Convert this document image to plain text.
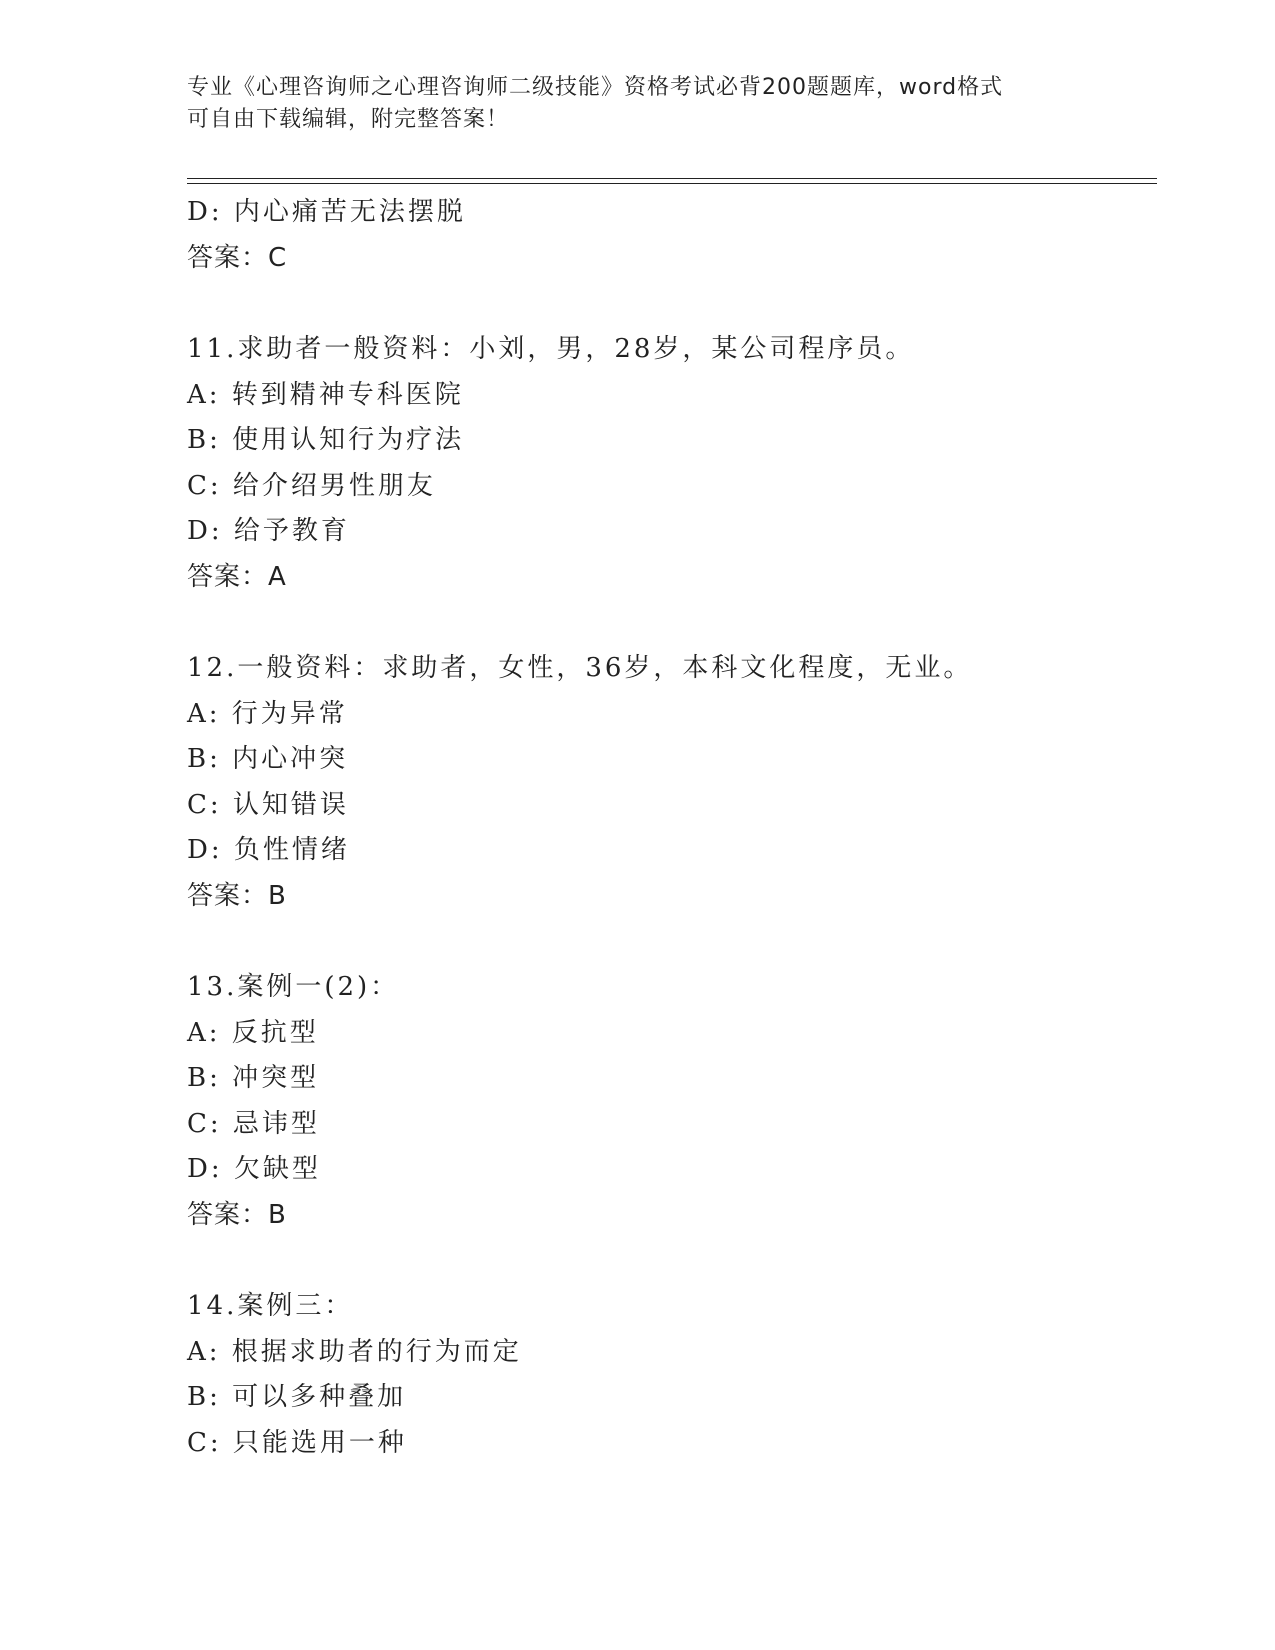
专业《心理咨询师之心理咨询师二级技能》资格考试必背200题题库，word格式
可自由下载编辑，附完整答案！
D: 内心痛苦无法摆脱
答案：C
11.求助者一般资料：小刘，男，28岁，某公司程序员。
A: 转到精神专科医院
B: 使用认知行为疗法
C: 给介绍男性朋友
D: 给予教育
答案：A
12.一般资料：求助者，女性，36岁，本科文化程度，无业。
A: 行为异常
B: 内心冲突
C: 认知错误
D: 负性情绪
答案：B
13.案例一(2)：
A: 反抗型
B: 冲突型
C: 忌讳型
D: 欠缺型
答案：B
14.案例三：
A: 根据求助者的行为而定
B: 可以多种叠加
C: 只能选用一种
